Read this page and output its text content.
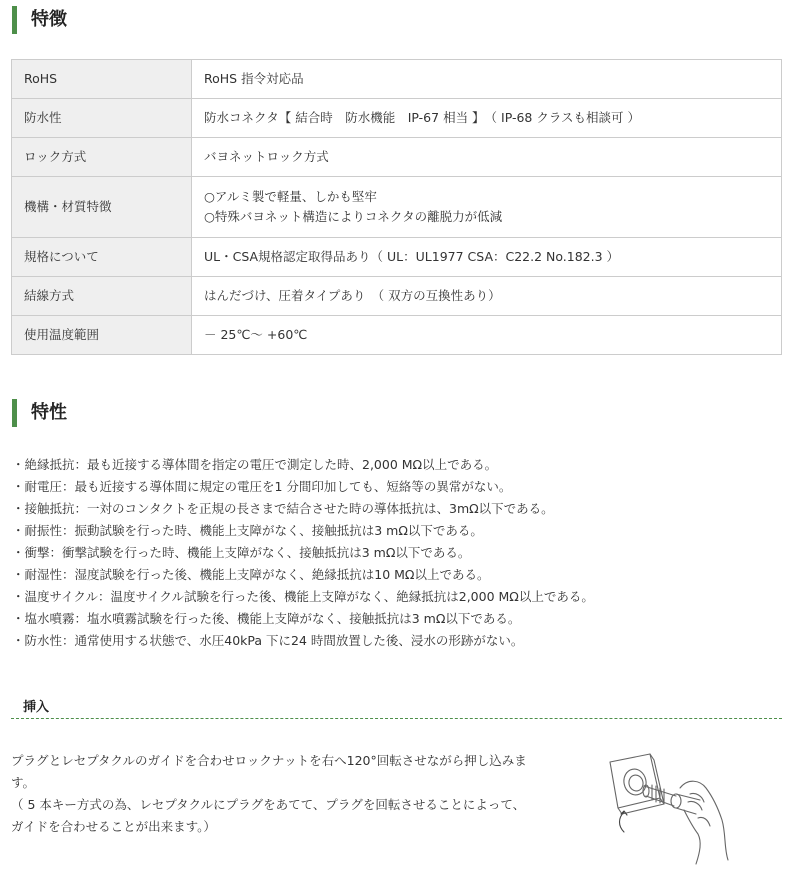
特徴
RoHS	RoHS 指令対応品

防水性	防水コネクタ【 結合時　防水機能　IP-67 相当 】　（ IP-68 クラスも相談可 ）

ロック方式	バヨネットロック方式

機構・材質特徴	○アルミ製で軽量、しかも堅牢
○特殊バヨネット構造によりコネクタの離脱力が低減

規格について	UL・CSA規格認定取得品あり（ UL：UL1977 CSA：C22.2 No.182.3 ）

結線方式	はんだづけ、圧着タイプあり　（ 双方の互換性あり）

使用温度範囲	－ 25℃～ +60℃
特性
・絶縁抵抗：最も近接する導体間を指定の電圧で測定した時、2,000 MΩ以上である。
・耐電圧：最も近接する導体間に規定の電圧を1 分間印加しても、短絡等の異常がない。
・接触抵抗：一対のコンタクトを正規の長さまで結合させた時の導体抵抗は、3mΩ以下である。
・耐振性：振動試験を行った時、機能上支障がなく、接触抵抗は3 mΩ以下である。
・衝撃：衝撃試験を行った時、機能上支障がなく、接触抵抗は3 mΩ以下である。
・耐湿性：湿度試験を行った後、機能上支障がなく、絶縁抵抗は10 MΩ以上である。
・温度サイクル：温度サイクル試験を行った後、機能上支障がなく、絶縁抵抗は2,000 MΩ以上である。
・塩水噴霧：塩水噴霧試験を行った後、機能上支障がなく、接触抵抗は3 mΩ以下である。
・防水性：通常使用する状態で、水圧40kPa 下に24 時間放置した後、浸水の形跡がない。
挿入

プラグとレセプタクルのガイドを合わせロックナットを右へ120°回転させながら押し込みます。

（ 5 本キー方式の為、レセプタクルにプラグをあてて、プラグを回転させることによって、ガイドを合わせることが出来ます。）
